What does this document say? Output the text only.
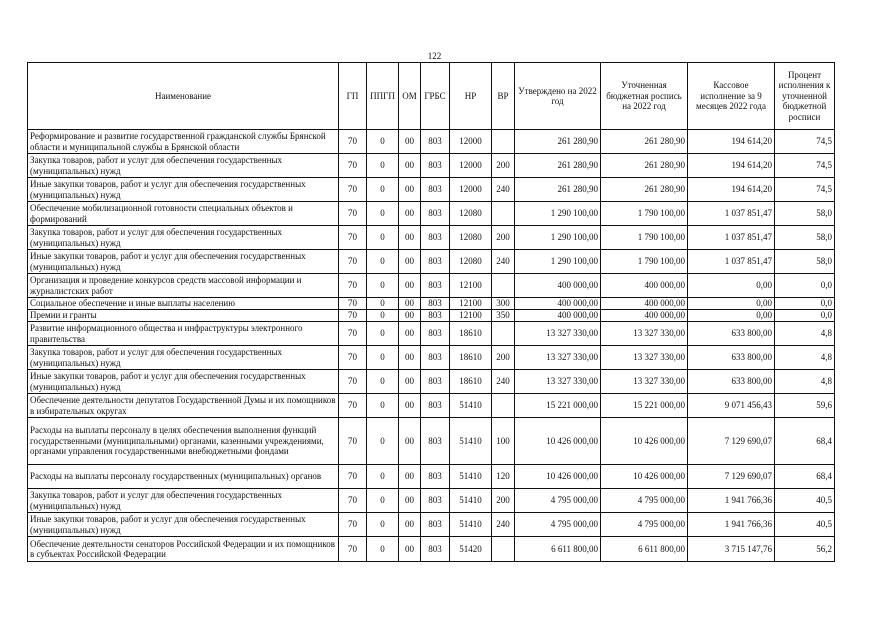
122
Наименование	ГП	ППГП	ОМ	ГРБС	НР	ВР	Утверждено на 2022 год	Уточненная бюджетная роспись на 2022 год	Кассовое исполнение за 9 месяцев 2022 года	Процент исполнения к уточненной бюджетной росписи
Реформирование и развитие государственной гражданской службы Брянской области и муниципальной службы в Брянской области	70	0	00	803	12000		261 280,90	261 280,90	194 614,20	74,5
Закупка товаров, работ и услуг для обеспечения государственных (муниципальных) нужд	70	0	00	803	12000	200	261 280,90	261 280,90	194 614,20	74,5
Иные закупки товаров, работ и услуг для обеспечения государственных (муниципальных) нужд	70	0	00	803	12000	240	261 280,90	261 280,90	194 614,20	74,5
Обеспечение мобилизационной готовности специальных объектов и формирований	70	0	00	803	12080		1 290 100,00	1 790 100,00	1 037 851,47	58,0
Закупка товаров, работ и услуг для обеспечения государственных (муниципальных) нужд	70	0	00	803	12080	200	1 290 100,00	1 790 100,00	1 037 851,47	58,0
Иные закупки товаров, работ и услуг для обеспечения государственных (муниципальных) нужд	70	0	00	803	12080	240	1 290 100,00	1 790 100,00	1 037 851,47	58,0
Организация и проведение конкурсов средств массовой информации и журналистских работ	70	0	00	803	12100		400 000,00	400 000,00	0,00	0,0
Социальное обеспечение и иные выплаты населению	70	0	00	803	12100	300	400 000,00	400 000,00	0,00	0,0
Премии и гранты	70	0	00	803	12100	350	400 000,00	400 000,00	0,00	0,0
Развитие информационного общества и инфраструктуры электронного правительства	70	0	00	803	18610		13 327 330,00	13 327 330,00	633 800,00	4,8
Закупка товаров, работ и услуг для обеспечения государственных (муниципальных) нужд	70	0	00	803	18610	200	13 327 330,00	13 327 330,00	633 800,00	4,8
Иные закупки товаров, работ и услуг для обеспечения государственных (муниципальных) нужд	70	0	00	803	18610	240	13 327 330,00	13 327 330,00	633 800,00	4,8
Обеспечение деятельности депутатов Государственной Думы и их помощников в избирательных округах	70	0	00	803	51410		15 221 000,00	15 221 000,00	9 071 456,43	59,6
Расходы на выплаты персоналу в целях обеспечения выполнения функций государственными (муниципальными) органами, казенными учреждениями, органами управления государственными внебюджетными фондами	70	0	00	803	51410	100	10 426 000,00	10 426 000,00	7 129 690,07	68,4
Расходы на выплаты персоналу государственных (муниципальных) органов	70	0	00	803	51410	120	10 426 000,00	10 426 000,00	7 129 690,07	68,4
Закупка товаров, работ и услуг для обеспечения государственных (муниципальных) нужд	70	0	00	803	51410	200	4 795 000,00	4 795 000,00	1 941 766,36	40,5
Иные закупки товаров, работ и услуг для обеспечения государственных (муниципальных) нужд	70	0	00	803	51410	240	4 795 000,00	4 795 000,00	1 941 766,36	40,5
Обеспечение деятельности сенаторов Российской Федерации и их помощников в субъектах Российской Федерации	70	0	00	803	51420		6 611 800,00	6 611 800,00	3 715 147,76	56,2
